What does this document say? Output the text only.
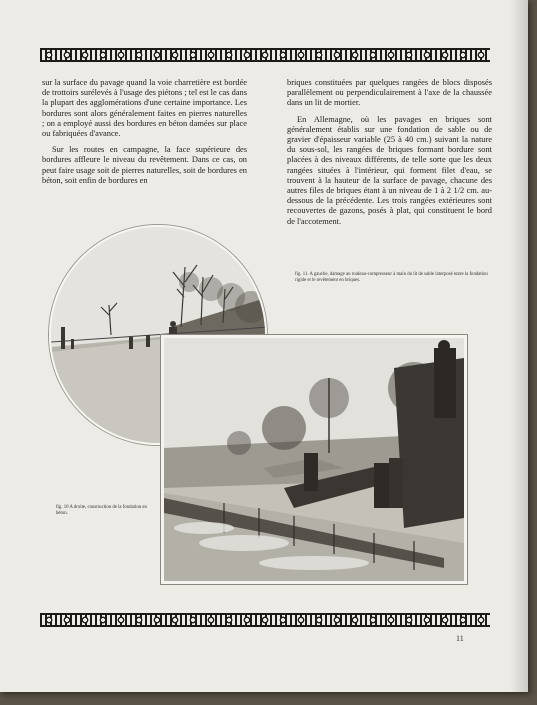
sur la surface du pavage quand la voie charretière est bordée de trottoirs surélevés à l'usage des piétons ; tel est le cas dans la plupart des agglomérations d'une certaine importance. Les bordures sont alors généralement faites en pierres naturelles ; on a employé aussi des bordures en béton damées sur place ou fabriquées d'avance.

Sur les routes en campagne, la face supérieure des bordures affleure le niveau du revêtement. Dans ce cas, on peut faire usage soit de pierres naturelles, soit de bordures en béton, soit enfin de bordures en

briques constituées par quelques rangées de blocs disposés parallèlement ou perpendiculairement à l'axe de la chaussée dans un lit de mortier.

En Allemagne, où les pavages en briques sont généralement établis sur une fondation de sable ou de gravier d'épaisseur variable (25 à 40 cm.) suivant la nature du sous-sol, les rangées de briques formant bordure sont placées à des niveaux différents, de telle sorte que les deux rangées situées à l'intérieur, qui forment filet d'eau, se trouvent à la hauteur de la surface de pavage, chacune des autres files de briques étant à un niveau de 1 à 2 1/2 cm. au-dessous de la précédente. Les trois rangées extérieures sont recouvertes de gazons, posés à plat, qui constituent le bord de l'accotement.

fig. 11. A gauche, damage au rouleau-compresseur à main du lit de sable interposé entre la fondation rigide et le revêtement en briques.
fig. 10 A droite, construction de la fondation en béton.
11
